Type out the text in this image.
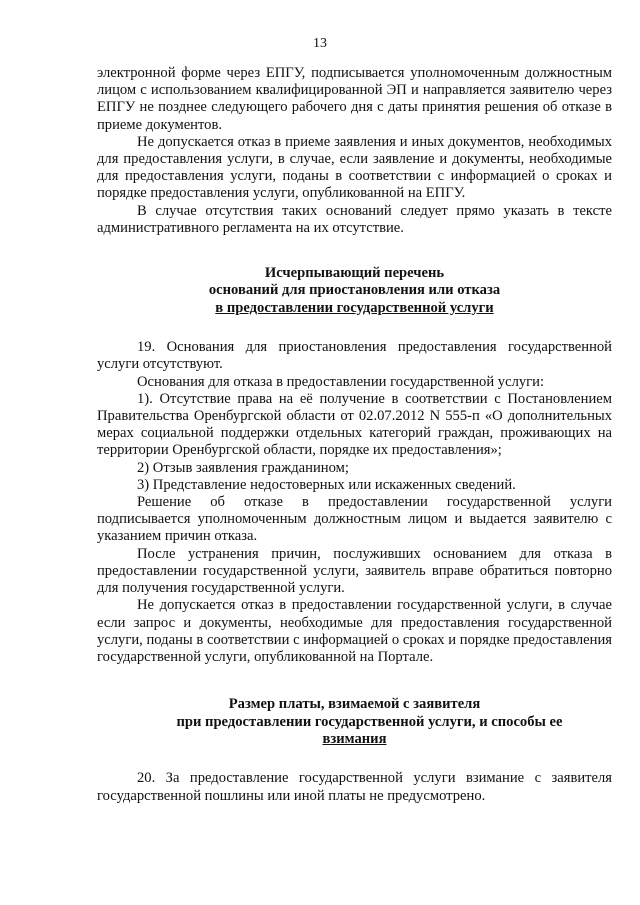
13

электронной форме через ЕПГУ, подписывается уполномоченным должностным лицом с использованием квалифицированной ЭП и направляется заявителю через ЕПГУ не позднее следующего рабочего дня с даты принятия решения об отказе в приеме документов.

Не допускается отказ в приеме заявления и иных документов, необходимых для предоставления услуги, в случае, если заявление и документы, необходимые для предоставления услуги, поданы в соответствии с информацией о сроках и порядке предоставления услуги, опубликованной на ЕПГУ.

В случае отсутствия таких оснований следует прямо указать в тексте административного регламента на их отсутствие.

Исчерпывающий перечень
оснований для приостановления или отказа
в предоставлении государственной услуги

19. Основания для приостановления предоставления государственной услуги отсутствуют.

Основания для отказа в предоставлении государственной услуги:

1). Отсутствие права на её получение в соответствии с Постановлением Правительства Оренбургской области от 02.07.2012 N 555-п «О дополнительных мерах социальной поддержки отдельных категорий граждан, проживающих на территории Оренбургской области, порядке их предоставления»;

2) Отзыв заявления гражданином;

3) Представление недостоверных или искаженных сведений.

Решение об отказе в предоставлении государственной услуги подписывается уполномоченным должностным лицом и выдается заявителю с указанием причин отказа.

После устранения причин, послуживших основанием для отказа в предоставлении государственной услуги, заявитель вправе обратиться повторно для получения государственной услуги.

Не допускается отказ в предоставлении государственной услуги, в случае если запрос и документы, необходимые для предоставления государственной услуги, поданы в соответствии с информацией о сроках и порядке предоставления государственной услуги, опубликованной на Портале.

Размер платы, взимаемой с заявителя
при предоставлении государственной услуги, и способы ее
взимания

20. За предоставление государственной услуги взимание с заявителя государственной пошлины или иной платы не предусмотрено.
